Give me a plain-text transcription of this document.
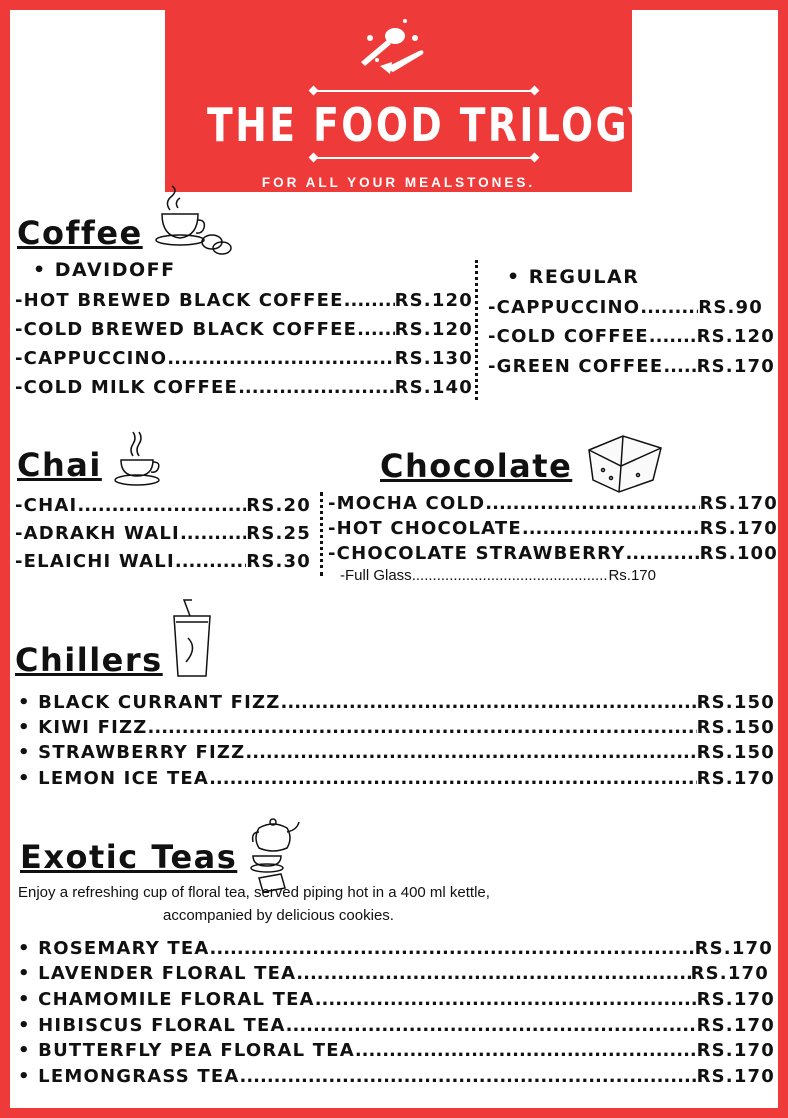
THE FOOD TRILOGY
FOR ALL YOUR MEALSTONES.
Coffee
• DAVIDOFF
-HOT BREWED BLACK COFFEE .....	RS.120
-COLD BREWED BLACK COFFEE ..... RS.120
-CAPPUCCINO .....	RS.130
-COLD MILK COFFEE .....	RS.140
• REGULAR
-CAPPUCCINO .....	RS.90
-COLD COFFEE .....	RS.120
-GREEN COFFEE ..... RS.170
Chai
-CHAI .....	RS.20
-ADRAKH WALI .....	RS.25
-ELAICHI WALI .....	RS.30
Chocolate
-MOCHA COLD .....	RS.170
-HOT CHOCOLATE .....	RS.170
-CHOCOLATE STRAWBERRY .....	RS.100
-Full Glass .....	Rs.170
Chillers
• BLACK CURRANT FIZZ .....	RS.150
• KIWI FIZZ .....	RS.150
• STRAWBERRY FIZZ .....	RS.150
• LEMON ICE TEA .....	RS.170
Exotic Teas
Enjoy a refreshing cup of floral tea, served piping hot in a 400 ml kettle,
accompanied by delicious cookies.
• ROSEMARY TEA .....	RS.170
• LAVENDER FLORAL TEA .....	RS.170
• CHAMOMILE FLORAL TEA .....	RS.170
• HIBISCUS FLORAL TEA .....	RS.170
• BUTTERFLY PEA FLORAL TEA .....	RS.170
• LEMONGRASS TEA .....	RS.170
